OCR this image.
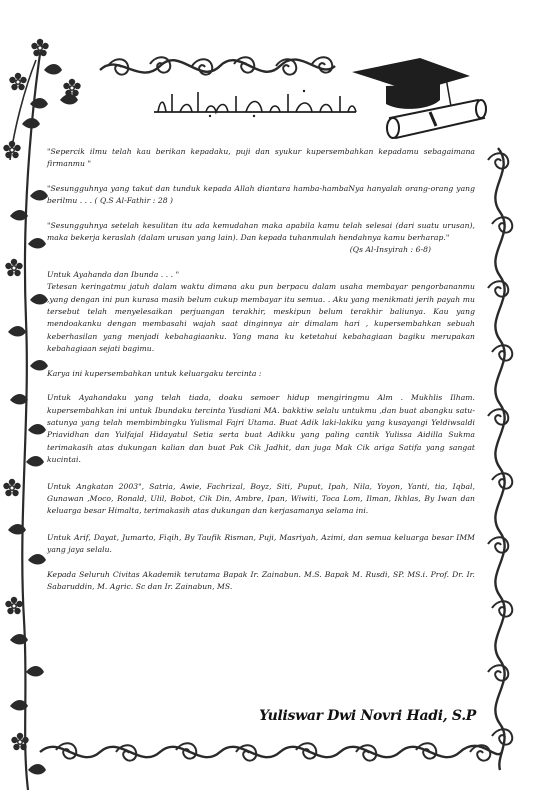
"Sepercik ilmu telah kau berikan kepadaku, puji dan syukur kupersembahkan kepadamu sebagaimana firmanmu "

"Sesungguhnya yang takut dan tunduk kepada Allah diantara hamba-hambaNya hanyalah orang-orang yang berilmu . . . ( Q.S Al-Fathir : 28 )

"Sesungguhnya setelah kesulitan itu ada kemudahan maka apabila kamu telah selesai (dari suatu urusan), maka bekerja keraslah (dalam urusan yang lain). Dan kepada tuhanmulah hendahnya kamu berharap."
(Qs Al-Insyirah : 6-8)

Untuk Ayahanda dan Ibunda . . . "

Tetesan keringatmu jatuh dalam waktu dimana aku pun berpacu dalam usaha membayar pengorbananmu ,yang dengan ini pun kurasa masih belum cukup membayar itu semua. . Aku yang menikmati jerih payah mu tersebut telah menyelesaikan perjuangan terakhir, meskipun belum terakhir baliunya. Kau yang mendoakanku dengan membasahi wajah saat dinginnya air dimalam hari , kupersembahkan sebuah keberhasilan yang menjadi kebahagiaanku. Yang mana ku ketetahui kebahagiaan bagiku merupakan kebahagiaan sejati bagimu.

Karya ini kupersembahkan untuk keluargaku tercinta :

Untuk Ayahandaku yang telah tiada, doaku semoer hidup mengiringmu Alm . Mukhlis Ilham. kupersembahkan ini untuk Ibundaku tercinta Yusdiani MA. bakktiw selalu untukmu ,dan buat abangku satu-satunya yang telah membimbingku Yulismal Fajri Utama. Buat Adik laki-lakiku yang kusayangi Yeldiwsaldi Priavidhan dan Yulfajal Hidayatul Setia serta buat Adikku yang paling cantik Yulissa Aidilla Sukma terimakasih atas dukungan kalian dan buat Pak Cik Jadhit, dan juga Mak Cik ariga Satifa yang sangat kucintai.

Untuk Angkatan 2003", Satria, Awie, Fachrizal, Boyz, Siti, Puput, Ipah, Nila, Yoyon, Yanti, tia, Iqbal, Gunawan ,Moco, Ronald, Ulil, Bobot, Cik Din, Ambre, Ipan, Wiwiti, Toca Lom, Ilman, Ikhlas, By Iwan dan keluarga besar Himalta, terimakasih atas dukungan dan kerjasamanya selama ini.

Untuk Arif, Dayat, Jumarto, Fiqih, By Taufik Risman, Puji, Masriyah, Azimi, dan semua keluarga besar IMM yang jaya selalu.

Kepada Seluruh Civitas Akademik terutama Bapak Ir. Zainabun. M.S. Bapak M. Rusdi, SP. MS.i. Prof. Dr. Ir. Sabaruddin, M. Agric. Sc dan Ir. Zainabun, MS.

Yuliswar Dwi Novri Hadi, S.P
